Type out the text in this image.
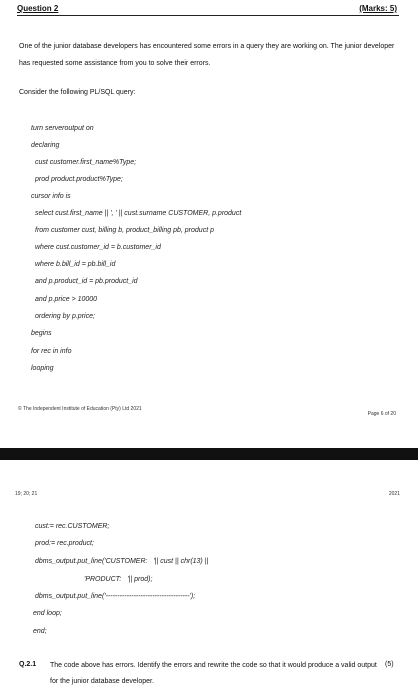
Question 2	(Marks: 5)
One of the junior database developers has encountered some errors in a query they are working on. The junior developer has requested some assistance from you to solve their errors.
Consider the following PL/SQL query:
turn serveroutput on
declaring
cust customer.first_name%Type;
prod product.product%Type;
cursor info is
select cust.first_name || ', ' || cust.surname CUSTOMER, p.product
from customer cust, billing b, product_billing pb, product p
where cust.customer_id = b.customer_id
where b.bill_id = pb.bill_id
and p.product_id = pb.product_id
and p.price > 10000
ordering by p.price;
begins
for rec in info
looping
© The Independent Institute of Education (Pty) Ltd 2021
Page 6 of 20
19; 20; 21	2021
cust:= rec.CUSTOMER;
prod:= rec.product;
dbms_output.put_line('CUSTOMER:   '|| cust || chr(13) ||
'PRODUCT:   '|| prod);
dbms_output.put_line('------------------------------------');
end loop;
end;
Q.2.1 The code above has errors. Identify the errors and rewrite the code so that it would produce a valid output for the junior database developer.
(5)
